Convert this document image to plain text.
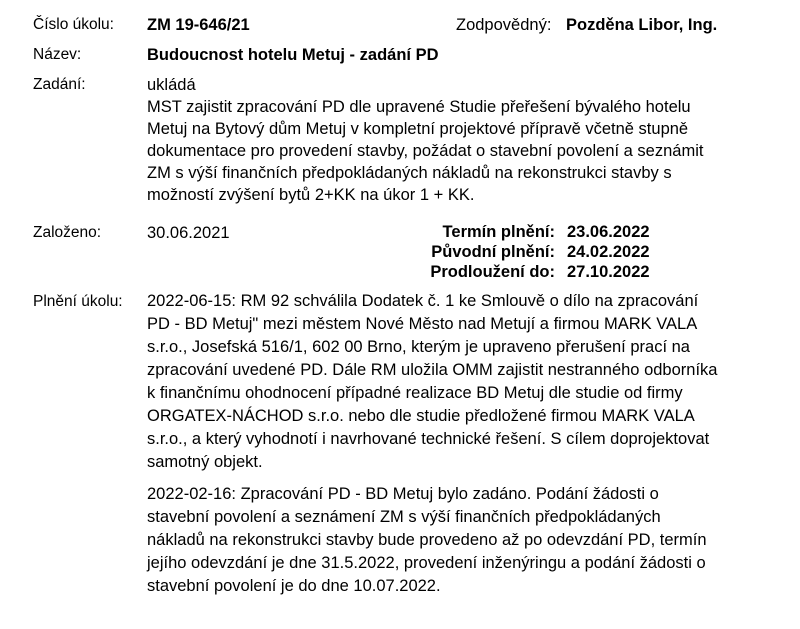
Číslo úkolu: ZM 19-646/21	Zodpovědný: Pozděna Libor, Ing.
Název:	Budoucnost hotelu Metuj - zadání PD
Zadání:	ukládá

MST zajistit zpracování PD dle upravené Studie přeřešení bývalého hotelu

Metuj na Bytový dům Metuj v kompletní projektové přípravě včetně stupně

dokumentace pro provedení stavby, požádat o stavební povolení a seznámit

ZM s výší finančních předpokládaných nákladů na rekonstrukci stavby s

možností zvýšení bytů 2+KK na úkor 1 + KK.

Založeno:	30.06.2021	Termín plnění: 23.06.2022
Původní plnění: 24.02.2022
Prodloužení do: 27.10.2022
Plnění úkolu: 2022-06-15: RM 92 schválila Dodatek č. 1 ke Smlouvě o dílo na zpracování

PD - BD Metuj" mezi městem Nové Město nad Metují a firmou MARK VALA

s.r.o., Josefská 516/1, 602 00 Brno, kterým je upraveno přerušení prací na

zpracování uvedené PD. Dále RM uložila OMM zajistit nestranného odborníka

k finančnímu ohodnocení případné realizace BD Metuj dle studie od firmy

ORGATEX-NÁCHOD s.r.o. nebo dle studie předložené firmou MARK VALA

s.r.o., a který vyhodnotí i navrhované technické řešení. S cílem doprojektovat

samotný objekt.

2022-02-16: Zpracování PD - BD Metuj bylo zadáno. Podání žádosti o

stavební povolení a seznámení ZM s výší finančních předpokládaných

nákladů na rekonstrukci stavby bude provedeno až po odevzdání PD, termín

jejího odevzdání je dne 31.5.2022, provedení inženýringu a podání žádosti o

stavební povolení je do dne 10.07.2022.
